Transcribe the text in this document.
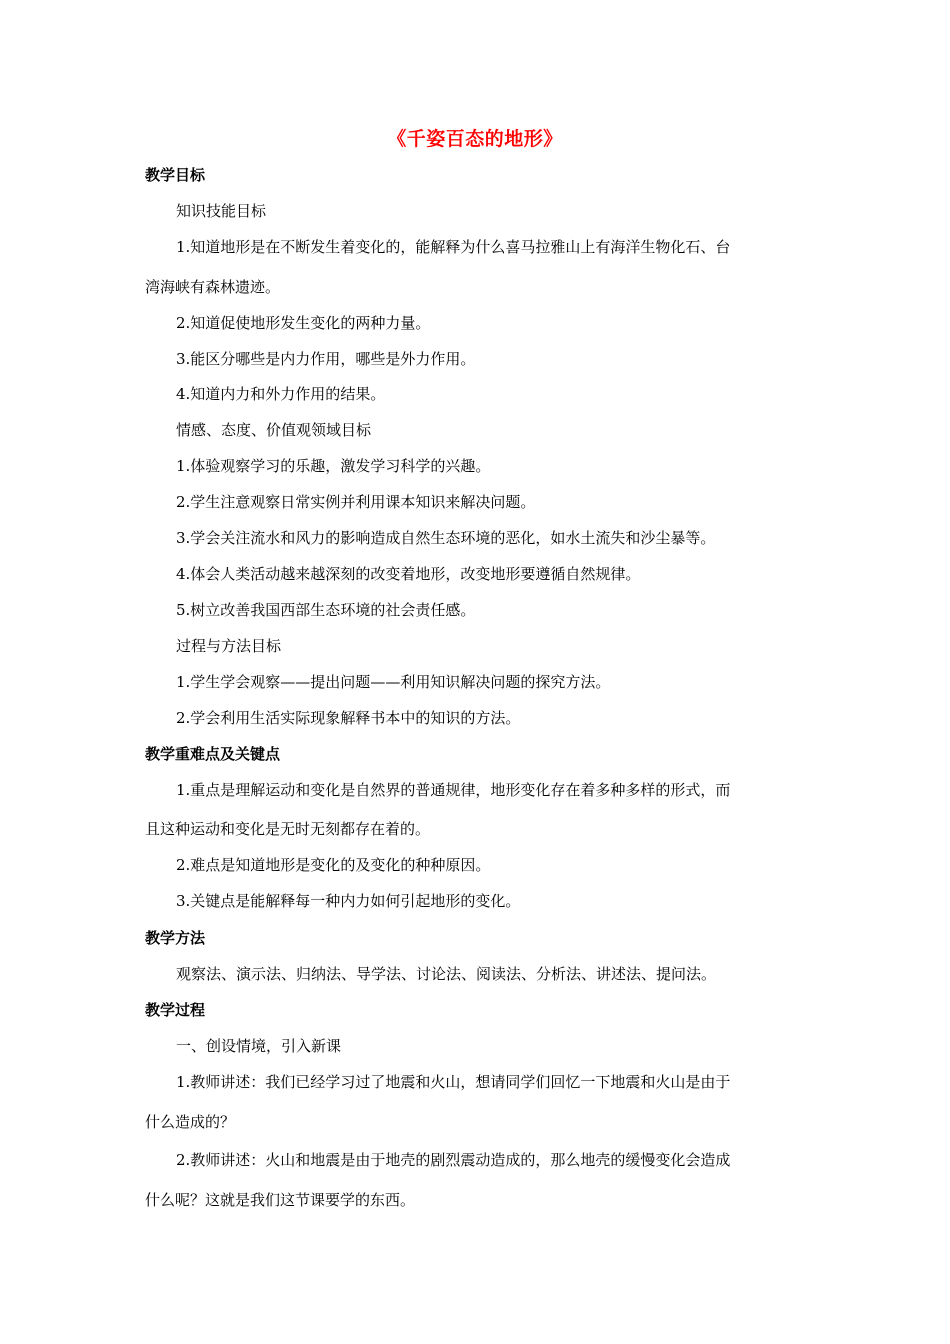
《千姿百态的地形》
教学目标
知识技能目标
1.知道地形是在不断发生着变化的，能解释为什么喜马拉雅山上有海洋生物化石、台
湾海峡有森林遗迹。
2.知道促使地形发生变化的两种力量。
3.能区分哪些是内力作用，哪些是外力作用。
4.知道内力和外力作用的结果。
情感、态度、价值观领域目标
1.体验观察学习的乐趣，激发学习科学的兴趣。
2.学生注意观察日常实例并利用课本知识来解决问题。
3.学会关注流水和风力的影响造成自然生态环境的恶化，如水土流失和沙尘暴等。
4.体会人类活动越来越深刻的改变着地形，改变地形要遵循自然规律。
5.树立改善我国西部生态环境的社会责任感。
过程与方法目标
1.学生学会观察——提出问题——利用知识解决问题的探究方法。
2.学会利用生活实际现象解释书本中的知识的方法。
教学重难点及关键点
1.重点是理解运动和变化是自然界的普通规律，地形变化存在着多种多样的形式，而
且这种运动和变化是无时无刻都存在着的。
2.难点是知道地形是变化的及变化的种种原因。
3.关键点是能解释每一种内力如何引起地形的变化。
教学方法
观察法、演示法、归纳法、导学法、讨论法、阅读法、分析法、讲述法、提问法。
教学过程
一、创设情境，引入新课
1.教师讲述：我们已经学习过了地震和火山，想请同学们回忆一下地震和火山是由于
什么造成的？
2.教师讲述：火山和地震是由于地壳的剧烈震动造成的，那么地壳的缓慢变化会造成
什么呢？这就是我们这节课要学的东西。
